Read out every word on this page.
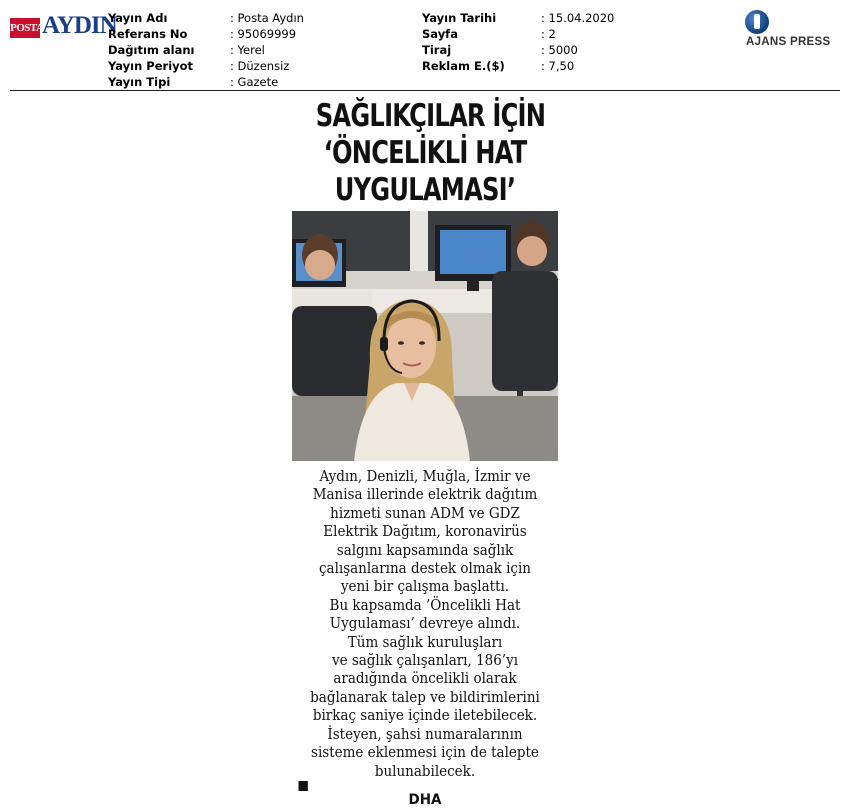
POSTA
AYDIN
Yayın Adı	: Posta Aydın
Referans No	: 95069999
Dağıtım alanı	: Yerel
Yayın Periyot	: Düzensiz
Yayın Tipi	: Gazete
Yayın Tarihi	: 15.04.2020
Sayfa	: 2
Tiraj	: 5000
Reklam E.($)	: 7,50
AJANS PRESS
SAĞLIKÇILAR İÇİN
‘ÖNCELİKLİ HAT
UYGULAMASI’
Aydın, Denizli, Muğla, İzmir ve
Manisa illerinde elektrik dağıtım
hizmeti sunan ADM ve GDZ
Elektrik Dağıtım, koronavirüs
salgını kapsamında sağlık
çalışanlarına destek olmak için
yeni bir çalışma başlattı.
Bu kapsamda ’Öncelikli Hat
Uygulaması’ devreye alındı.
Tüm sağlık kuruluşları
ve sağlık çalışanları, 186’yı
aradığında öncelikli olarak
bağlanarak talep ve bildirimlerini
birkaç saniye içinde iletebilecek.
İsteyen, şahsi numaralarının
sisteme eklenmesi için de talepte
bulunabilecek.
DHA
